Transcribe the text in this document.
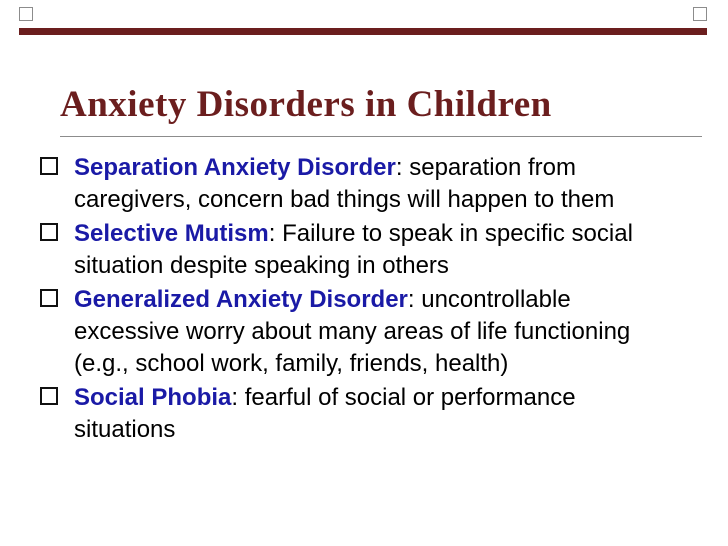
Anxiety Disorders in Children
Separation Anxiety Disorder: separation from
caregivers, concern bad things will happen to them
Selective Mutism: Failure to speak in specific social
situation despite speaking in others
Generalized Anxiety Disorder: uncontrollable
excessive worry about many areas of life functioning
(e.g., school work, family, friends, health)
Social Phobia: fearful of social or performance
situations
